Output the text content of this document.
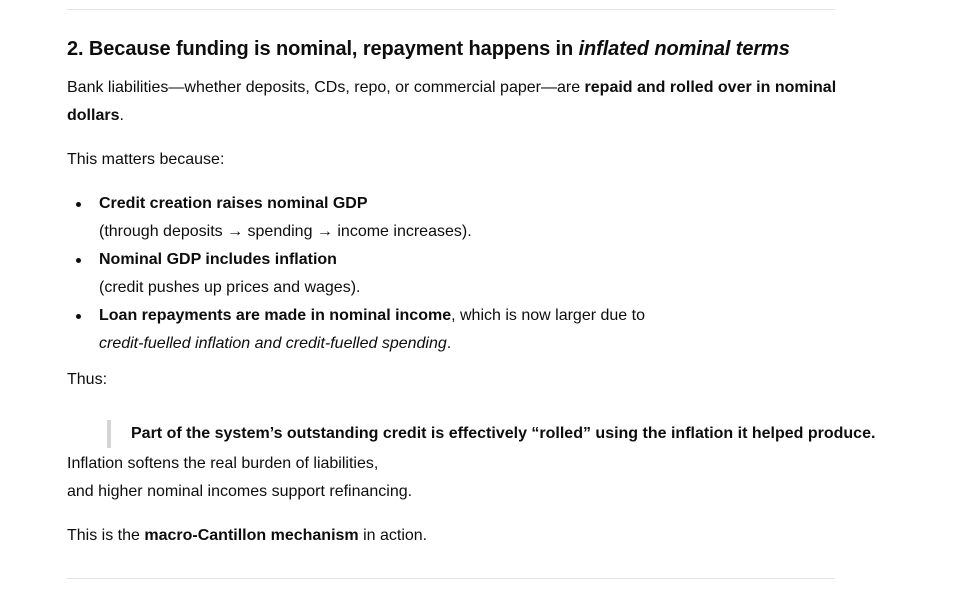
2. Because funding is nominal, repayment happens in inflated nominal terms

Bank liabilities—whether deposits, CDs, repo, or commercial paper—are repaid and rolled over in nominal dollars.

This matters because:

Credit creation raises nominal GDP
(through deposits → spending → income increases).
Nominal GDP includes inflation
(credit pushes up prices and wages).
Loan repayments are made in nominal income, which is now larger due to
credit-fuelled inflation and credit-fuelled spending.

Thus:

Part of the system’s outstanding credit is effectively “rolled” using the inflation it helped produce.

Inflation softens the real burden of liabilities,
and higher nominal incomes support refinancing.

This is the macro-Cantillon mechanism in action.
